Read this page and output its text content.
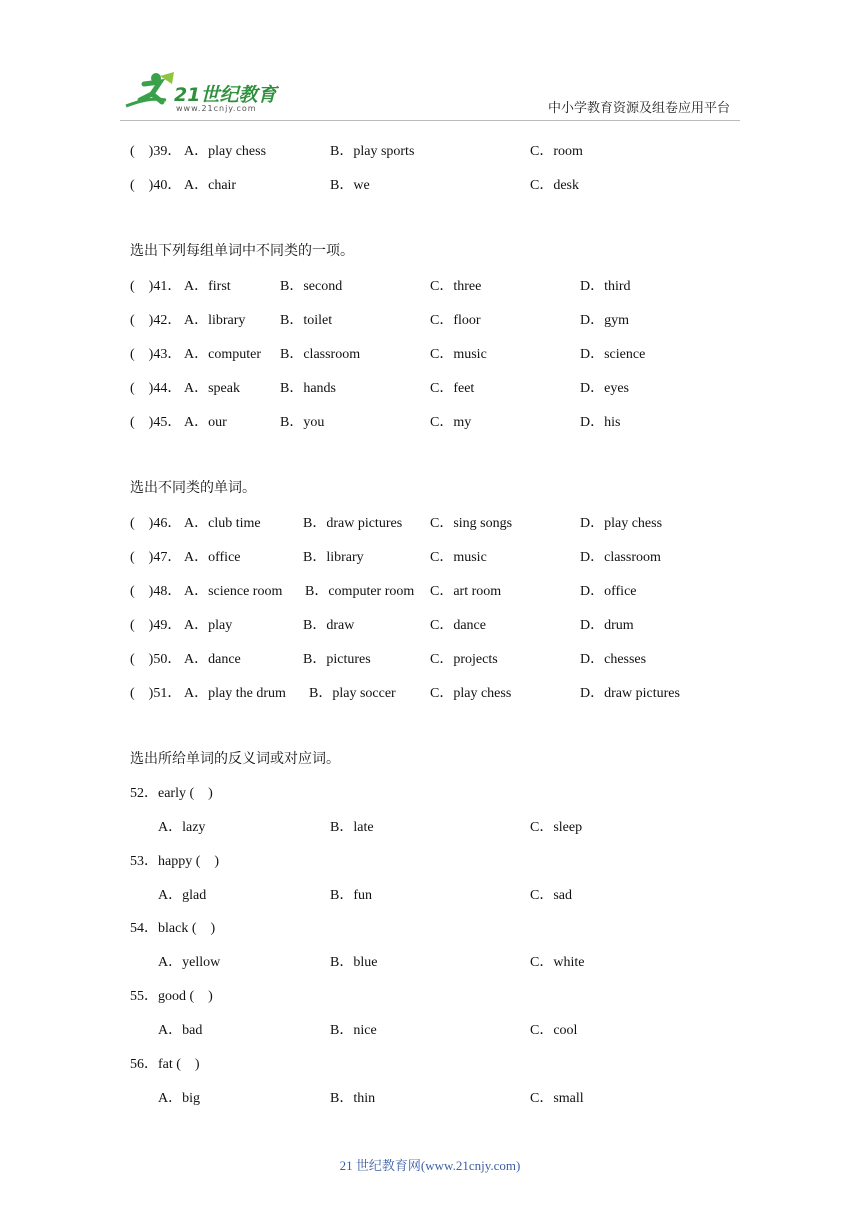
21世纪教育
www.21cnjy.com	中小学教育资源及组卷应用平台
(　)39． A．play chess	B．play sports	C．room
(　)40． A．chair	B．we	C．desk
选出下列每组单词中不同类的一项。
(　)41． A．first	B．second	C．three	D．third
(　)42． A．library B．toilet	C．floor	D．gym
(　)43． A．computer B．classroom	C．music	D．science
(　)44． A．speak	B．hands	C．feet	D．eyes
(　)45． A．our	B．you	C．my	D．his
选出不同类的单词。
(　)46． A．club time	B．draw pictures C．sing songs	D．play chess
(　)47． A．office	B．library	C．music	D．classroom
(　)48． A．science room B．computer room C．art room	D．office
(　)49． A．play	B．draw	C．dance	D．drum
(　)50． A．dance	B．pictures	C．projects	D．chesses
(　)51． A．play the drum B．play soccer C．play chess	D．draw pictures
选出所给单词的反义词或对应词。
52．early (　)
A．lazy	B．late	C．sleep
53．happy (　)
A．glad	B．fun	C．sad
54．black (　)
A．yellow	B．blue	C．white
55．good (　)
A．bad	B．nice	C．cool
56．fat (　)
A．big	B．thin	C．small
21 世纪教育网(www.21cnjy.com)
